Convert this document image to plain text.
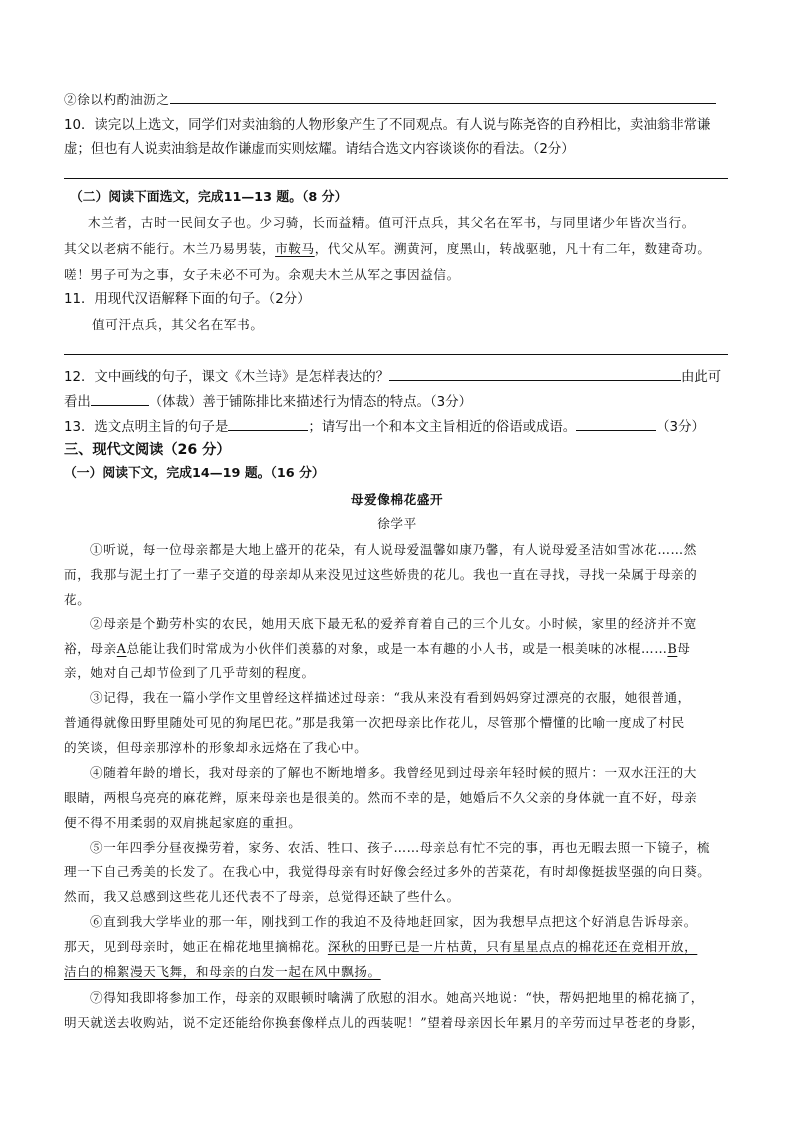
②徐以杓酌油沥之
10．读完以上选文，同学们对卖油翁的人物形象产生了不同观点。有人说与陈尧咨的自矜相比，卖油翁非常谦
虚；但也有人说卖油翁是故作谦虚而实则炫耀。请结合选文内容谈谈你的看法。（2分）
（二）阅读下面选文，完成11—13 题。（8 分）
木兰者，古时一民间女子也。少习骑，长而益精。值可汗点兵，其父名在军书，与同里诸少年皆次当行。
其父以老病不能行。木兰乃易男装，市鞍马，代父从军。溯黄河，度黑山，转战驱驰，凡十有二年，数建奇功。
嗟！男子可为之事，女子未必不可为。余观夫木兰从军之事因益信。
11．用现代汉语解释下面的句子。（2分）
值可汗点兵，其父名在军书。
12．文中画线的句子，课文《木兰诗》是怎样表达的？	由此可
看出	（体裁）善于铺陈排比来描述行为情态的特点。（3分）
13．选文点明主旨的句子是	；请写出一个和本文主旨相近的俗语或成语。	（3分）
三、现代文阅读（26 分）
（一）阅读下文，完成14—19 题。（16 分）
母爱像棉花盛开
徐学平
①听说，每一位母亲都是大地上盛开的花朵，有人说母爱温馨如康乃馨，有人说母爱圣洁如雪冰花……然
而，我那与泥土打了一辈子交道的母亲却从来没见过这些娇贵的花儿。我也一直在寻找，寻找一朵属于母亲的
花。
②母亲是个勤劳朴实的农民，她用天底下最无私的爱养育着自己的三个儿女。小时候，家里的经济并不宽
裕，母亲A总能让我们时常成为小伙伴们羡慕的对象，或是一本有趣的小人书，或是一根美味的冰棍……B母
亲，她对自己却节俭到了几乎苛刻的程度。
③记得，我在一篇小学作文里曾经这样描述过母亲：“我从来没有看到妈妈穿过漂亮的衣服，她很普通，
普通得就像田野里随处可见的狗尾巴花。”那是我第一次把母亲比作花儿，尽管那个懵懂的比喻一度成了村民
的笑谈，但母亲那淳朴的形象却永远烙在了我心中。
④随着年龄的增长，我对母亲的了解也不断地增多。我曾经见到过母亲年轻时候的照片：一双水汪汪的大
眼睛，两根乌亮亮的麻花辫，原来母亲也是很美的。然而不幸的是，她婚后不久父亲的身体就一直不好，母亲
便不得不用柔弱的双肩挑起家庭的重担。
⑤一年四季分昼夜操劳着，家务、农活、牲口、孩子……母亲总有忙不完的事，再也无暇去照一下镜子，梳
理一下自己秀美的长发了。在我心中，我觉得母亲有时好像会经过多外的苦菜花，有时却像挺拔坚强的向日葵。
然而，我又总感到这些花儿还代表不了母亲，总觉得还缺了些什么。
⑥直到我大学毕业的那一年，刚找到工作的我迫不及待地赶回家，因为我想早点把这个好消息告诉母亲。
那天，见到母亲时，她正在棉花地里摘棉花。深秋的田野已是一片枯黄，只有星星点点的棉花还在竞相开放，
洁白的棉絮漫天飞舞，和母亲的白发一起在风中飘扬。
⑦得知我即将参加工作，母亲的双眼顿时噙满了欣慰的泪水。她高兴地说：“快，帮妈把地里的棉花摘了，
明天就送去收购站，说不定还能给你换套像样点儿的西装呢！”望着母亲因长年累月的辛劳而过早苍老的身影，
